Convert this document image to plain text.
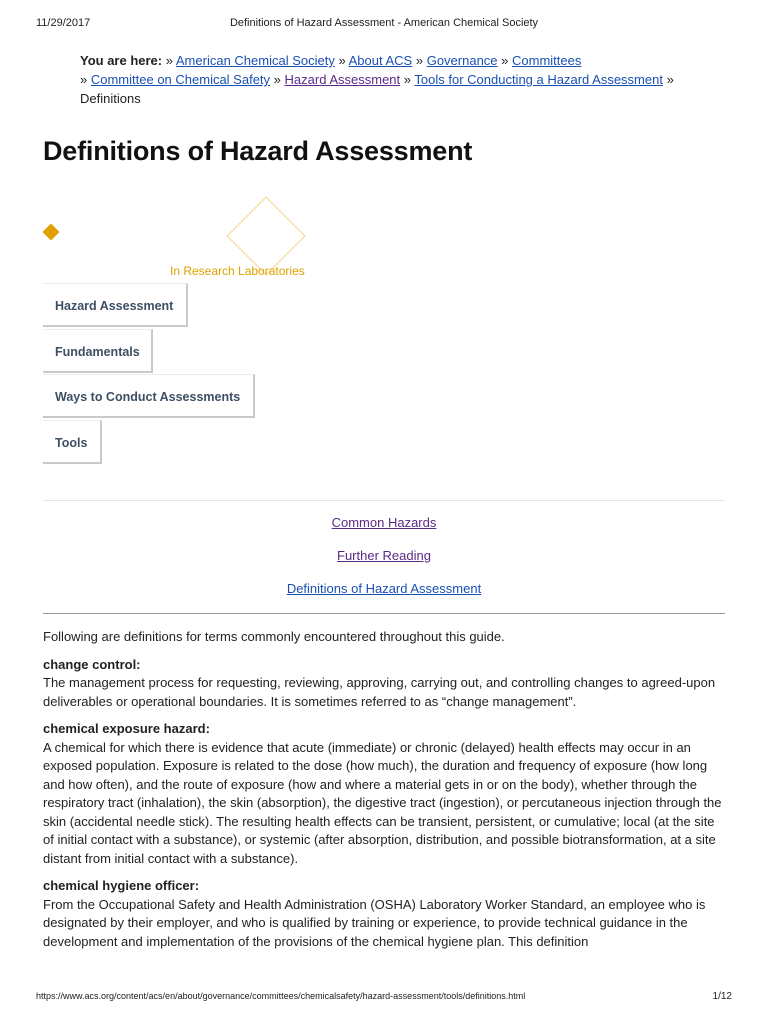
11/29/2017	Definitions of Hazard Assessment - American Chemical Society
You are here: » American Chemical Society » About ACS » Governance » Committees
» Committee on Chemical Safety » Hazard Assessment » Tools for Conducting a Hazard Assessment » Definitions
Definitions of Hazard Assessment
In Research Laboratories
Hazard Assessment
Fundamentals
Ways to Conduct Assessments
Tools
Common Hazards
Further Reading
Definitions of Hazard Assessment

Following are definitions for terms commonly encountered throughout this guide.

change control:

The management process for requesting, reviewing, approving, carrying out, and controlling changes to agreed-upon deliverables or operational boundaries. It is sometimes referred to as “change management”.

chemical exposure hazard:

A chemical for which there is evidence that acute (immediate) or chronic (delayed) health effects may occur in an exposed population. Exposure is related to the dose (how much), the duration and frequency of exposure (how long and how often), and the route of exposure (how and where a material gets in or on the body), whether through the respiratory tract (inhalation), the skin (absorption), the digestive tract (ingestion), or percutaneous injection through the skin (accidental needle stick). The resulting health effects can be transient, persistent, or cumulative; local (at the site of initial contact with a substance), or systemic (after absorption, distribution, and possible biotransformation, at a site distant from initial contact with a substance).

chemical hygiene officer:

From the Occupational Safety and Health Administration (OSHA) Laboratory Worker Standard, an employee who is designated by their employer, and who is qualified by training or experience, to provide technical guidance in the development and implementation of the provisions of the chemical hygiene plan. This definition

https://www.acs.org/content/acs/en/about/governance/committees/chemicalsafety/hazard-assessment/tools/definitions.html	1/12
